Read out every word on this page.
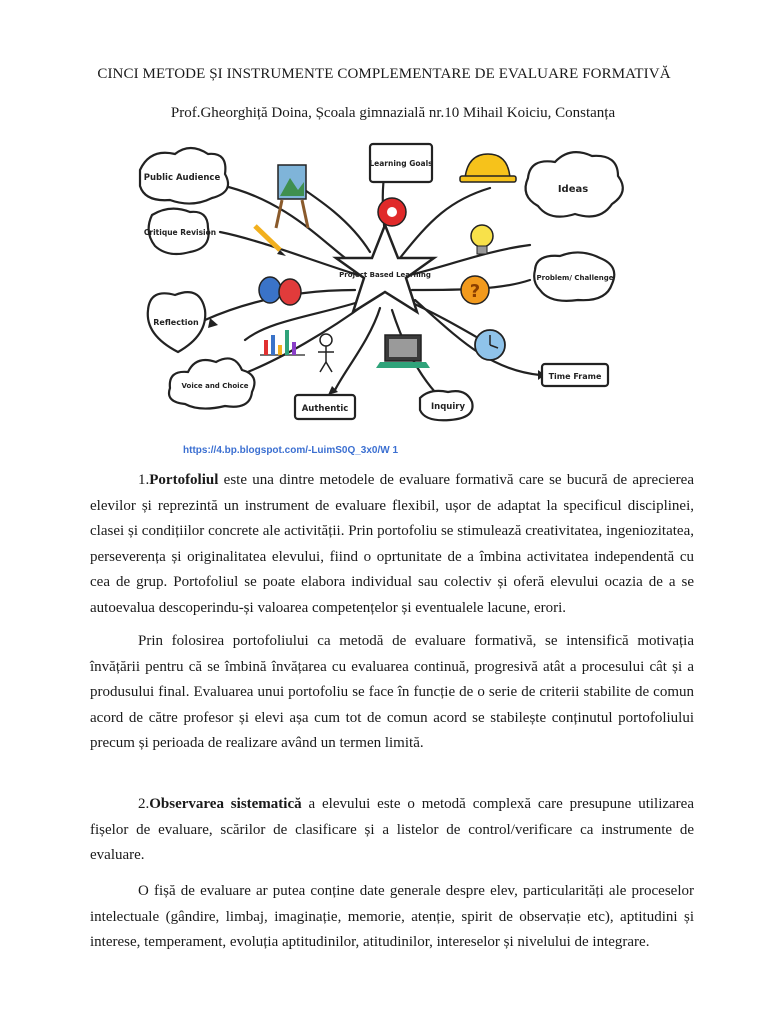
CINCI METODE ȘI INSTRUMENTE COMPLEMENTARE DE EVALUARE FORMATIVĂ
Prof.Gheorghiță Doina, Școala gimnazială nr.10 Mihail Koiciu, Constanța
Project Based Learning
Public Audience
Critique Revision
Reflection
Voice and Choice
Authentic	Inquiry
Learning Goals
Ideas
Problem/ Challenge
Time Frame
?
https://4.bp.blogspot.com/-LuimS0Q_3x0/W 1

1.Portofoliul este una dintre metodele de evaluare formativă care se bucură de aprecierea elevilor și reprezintă un instrument de evaluare flexibil, ușor de adaptat la specificul disciplinei, clasei și condițiilor concrete ale activității. Prin portofoliu se stimulează creativitatea, ingeniozitatea, perseverența și originalitatea elevului, fiind o oprtunitate de a îmbina activitatea independentă cu cea de grup. Portofoliul se poate elabora individual sau colectiv și oferă elevului ocazia de a se autoevalua descoperindu-și valoarea competențelor și eventualele lacune, erori.

Prin folosirea portofoliului ca metodă de evaluare formativă, se intensifică motivația învățării pentru că se îmbină învățarea cu evaluarea continuă, progresivă atât a procesului cât și a produsului final. Evaluarea unui portofoliu se face în funcție de o serie de criterii stabilite de comun acord de către profesor și elevi așa cum tot de comun acord se stabilește conținutul portofoliului precum și perioada de realizare având un termen limită.

2.Observarea sistematică a elevului este o metodă complexă care presupune utilizarea fișelor de evaluare, scărilor de clasificare și a listelor de control/verificare ca instrumente de evaluare.

O fișă de evaluare ar putea conține date generale despre elev, particularități ale proceselor intelectuale (gândire, limbaj, imaginație, memorie, atenție, spirit de observație etc), aptitudini și interese, temperament, evoluția aptitudinilor, atitudinilor, intereselor și nivelului de integrare.
